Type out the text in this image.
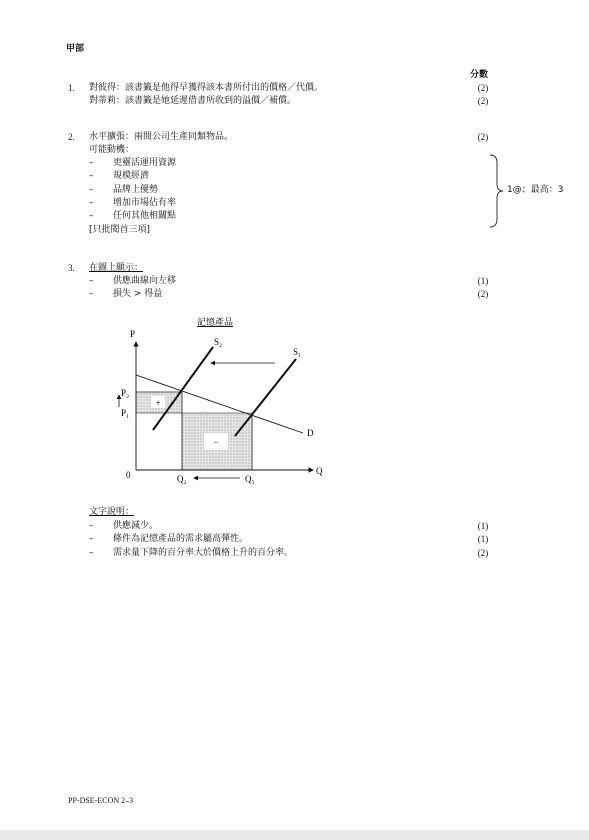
甲部
分數
1. 對彼得：該書籤是他得早獲得該本書所付出的價格／代價。	(2)
對蒂莉：該書籤是她延遲借書所收到的溢價／補償。	(2)
2. 水平擴張：兩間公司生產同類物品。	(2)
可能動機：
– 更靈活運用資源
– 規模經濟
– 品牌上優勢
– 增加市場佔有率
– 任何其他相關點
[只批閱首三項]
1@；最高：3
3. 在圖上顯示：
– 供應曲線向左移	(1)
– 損失 > 得益	(2)
記憶產品
+
−
P
Q
0
D
S₁
S₂
P₂
P₁
Q₂	Q₁
文字說明：
– 供應減少。	(1)
– 條件為記憶產品的需求屬高彈性。	(1)
– 需求量下降的百分率大於價格上升的百分率。	(2)
PP-DSE-ECON 2–3
